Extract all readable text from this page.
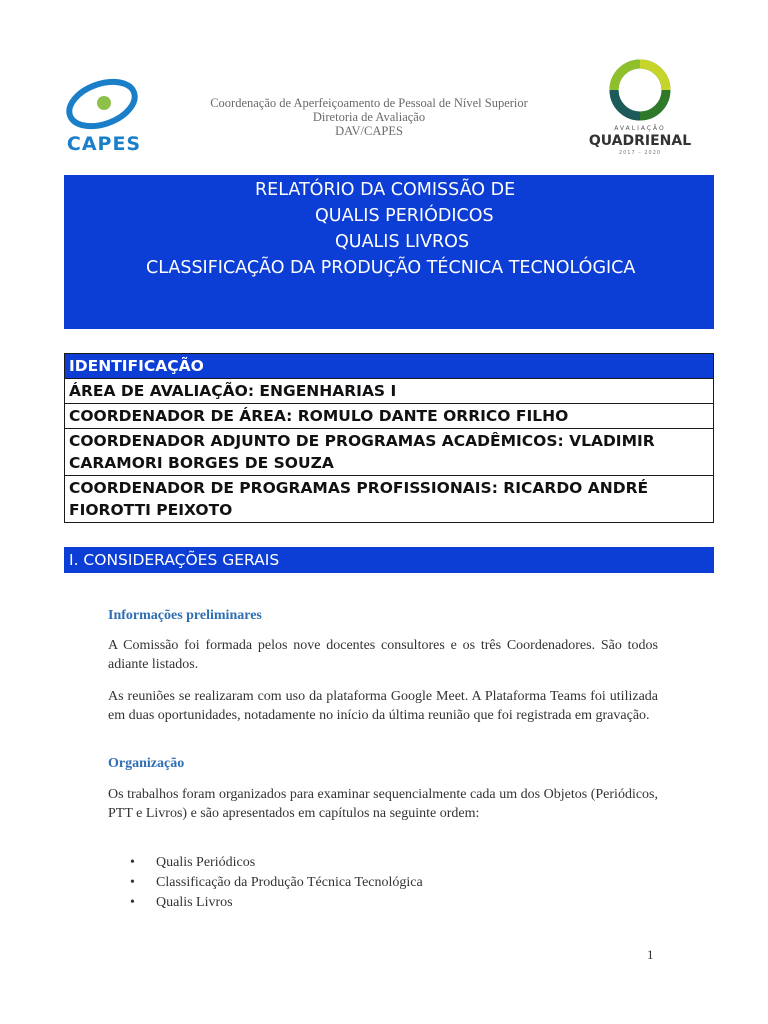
CAPES
Coordenação de Aperfeiçoamento de Pessoal de Nível Superior
Diretoria de Avaliação
DAV/CAPES	AVALIAÇÃO
QUADRIENAL
2017 – 2020
RELATÓRIO DA COMISSÃO DE
QUALIS PERIÓDICOS
QUALIS LIVROS
CLASSIFICAÇÃO DA PRODUÇÃO TÉCNICA TECNOLÓGICA
IDENTIFICAÇÃO
ÁREA DE AVALIAÇÃO: ENGENHARIAS I
COORDENADOR DE ÁREA: ROMULO DANTE ORRICO FILHO
COORDENADOR ADJUNTO DE PROGRAMAS ACADÊMICOS: VLADIMIR CARAMORI BORGES DE SOUZA
COORDENADOR DE PROGRAMAS PROFISSIONAIS: RICARDO ANDRÉ FIOROTTI PEIXOTO
I. CONSIDERAÇÕES GERAIS
Informações preliminares
A Comissão foi formada pelos nove docentes consultores e os três Coordenadores. São todos adiante listados.
As reuniões se realizaram com uso da plataforma Google Meet. A Plataforma Teams foi utilizada em duas oportunidades, notadamente no início da última reunião que foi registrada em gravação.
Organização
Os trabalhos foram organizados para examinar sequencialmente cada um dos Objetos (Periódicos, PTT e Livros) e são apresentados em capítulos na seguinte ordem:
• Qualis Periódicos
• Classificação da Produção Técnica Tecnológica
• Qualis Livros
1
